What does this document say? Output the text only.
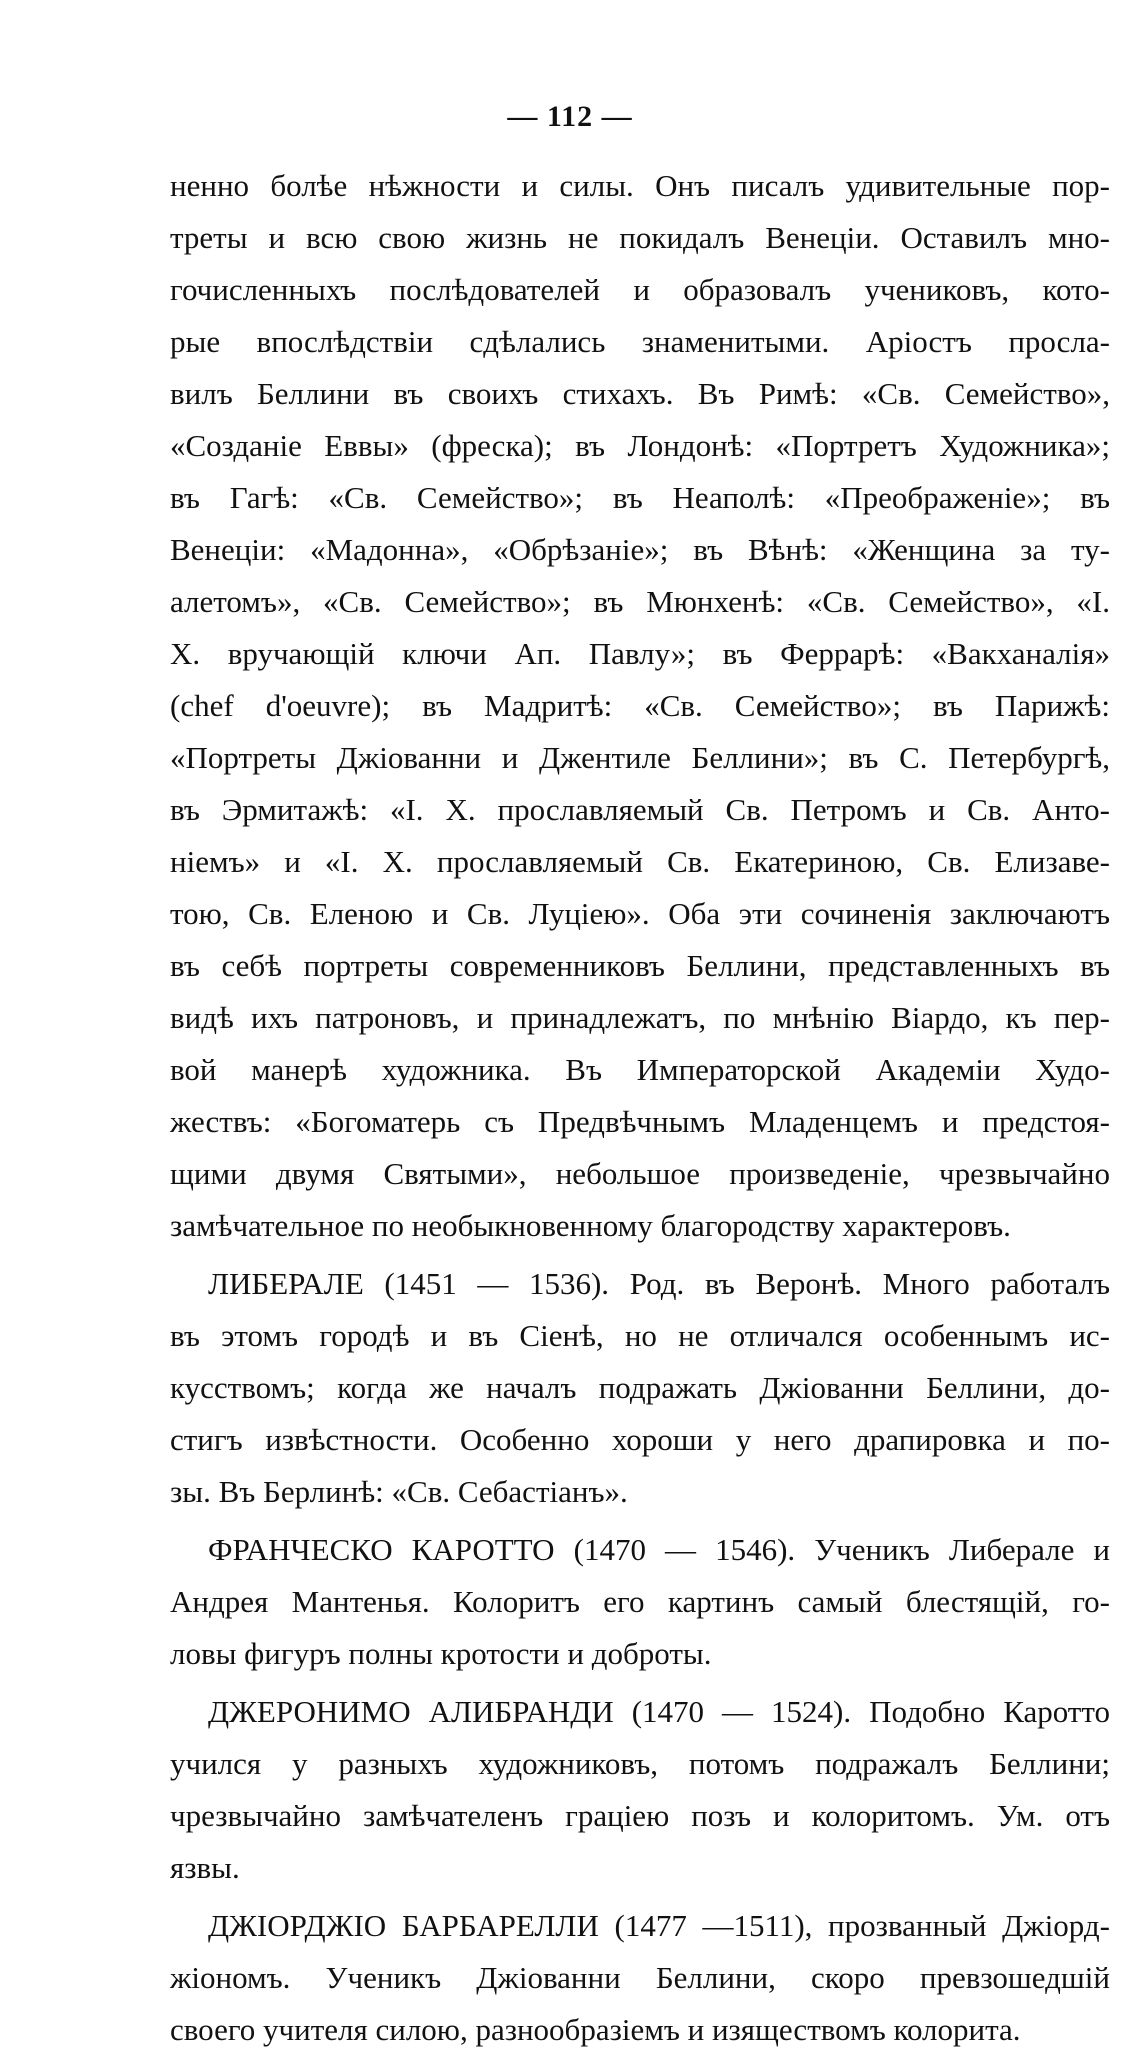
— 112 —
ненно болѣе нѣжности и силы. Онъ писалъ удивительные пор-
треты и всю свою жизнь не покидалъ Венеціи. Оставилъ мно-
гочисленныхъ послѣдователей и образовалъ учениковъ, кото-
рые впослѣдствіи сдѣлались знаменитыми. Аріостъ просла-
вилъ Беллини въ своихъ стихахъ. Въ Римѣ: «Св. Семейство»,
«Созданіе Еввы» (фреска); въ Лондонѣ: «Портретъ Художника»;
въ Гагѣ: «Св. Семейство»; въ Неаполѣ: «Преображеніе»; въ
Венеціи: «Мадонна», «Обрѣзаніе»; въ Вѣнѣ: «Женщина за ту-
алетомъ», «Св. Семейство»; въ Мюнхенѣ: «Св. Семейство», «І.
Х. вручающій ключи Ап. Павлу»; въ Феррарѣ: «Вакханалія»
(chef d'oeuvre); въ Мадритѣ: «Св. Семейство»; въ Парижѣ:
«Портреты Джіованни и Джентиле Беллини»; въ С. Петербургѣ,
въ Эрмитажѣ: «І. Х. прославляемый Св. Петромъ и Св. Анто-
ніемъ» и «І. Х. прославляемый Св. Екатериною, Св. Елизаве-
тою, Св. Еленою и Св. Луціею». Оба эти сочиненія заключаютъ
въ себѣ портреты современниковъ Беллини, представленныхъ въ
видѣ ихъ патроновъ, и принадлежатъ, по мнѣнію Віардо, къ пер-
вой манерѣ художника. Въ Императорской Академіи Худо-
жествъ: «Богоматерь съ Предвѣчнымъ Младенцемъ и предстоя-
щими двумя Святыми», небольшое произведеніе, чрезвычайно
замѣчательное по необыкновенному благородству характеровъ.
ЛИБЕРАЛЕ (1451 — 1536). Род. въ Веронѣ. Много работалъ
въ этомъ городѣ и въ Сіенѣ, но не отличался особеннымъ ис-
кусствомъ; когда же началъ подражать Джіованни Беллини, до-
стигъ извѣстности. Особенно хороши у него драпировка и по-
зы. Въ Берлинѣ: «Св. Себастіанъ».
ФРАНЧЕСКО КАРОТТО (1470 — 1546). Ученикъ Либерале и
Андрея Мантенья. Колоритъ его картинъ самый блестящій, го-
ловы фигуръ полны кротости и доброты.
ДЖЕРОНИМО АЛИБРАНДИ (1470 — 1524). Подобно Каротто
учился у разныхъ художниковъ, потомъ подражалъ Беллини;
чрезвычайно замѣчателенъ граціею позъ и колоритомъ. Ум. отъ
язвы.
ДЖІОРДЖІО БАРБАРЕЛЛИ (1477 —1511), прозванный Джіорд-
жіономъ. Ученикъ Джіованни Беллини, скоро превзошедшій
своего учителя силою, разнообразіемъ и изяществомъ колорита.
